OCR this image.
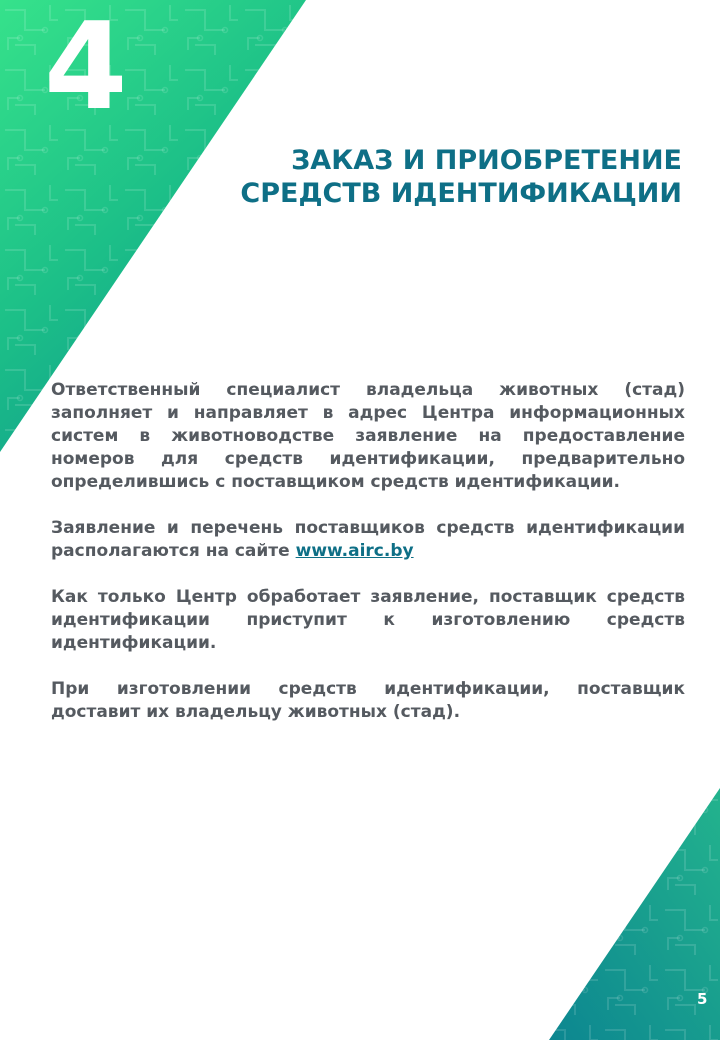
4
ЗАКАЗ И ПРИОБРЕТЕНИЕ
СРЕДСТВ ИДЕНТИФИКАЦИИ

Ответственный специалист владельца животных (стад) заполняет и направляет в адрес Центра информационных систем в животноводстве заявление на предоставление номеров для средств идентификации, предварительно определившись с поставщиком средств идентификации.

Заявление и перечень поставщиков средств идентификации располагаются на сайте www.airc.by

Как только Центр обработает заявление, поставщик средств идентификации приступит к изготовлению средств идентификации.

При изготовлении средств идентификации, поставщик доставит их владельцу животных (стад).

5
